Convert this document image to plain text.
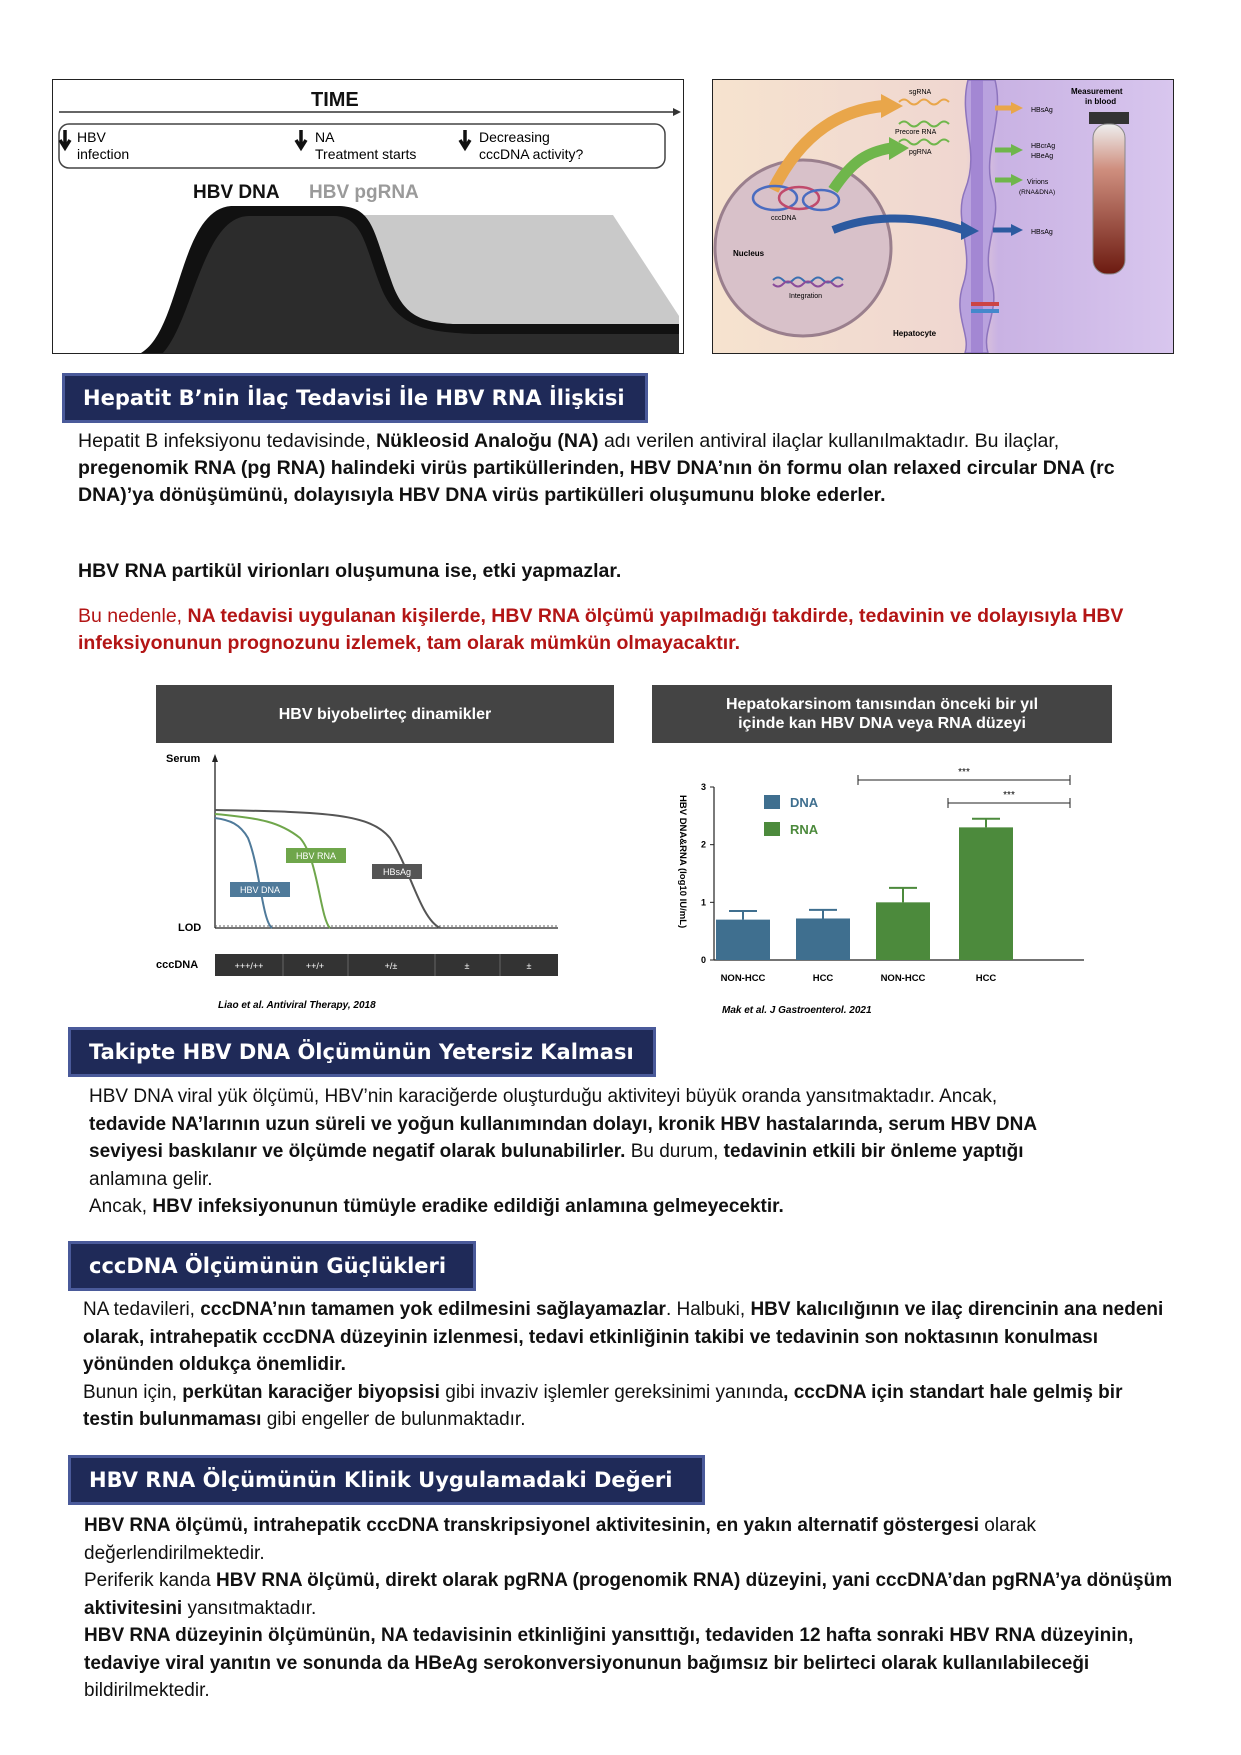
TIME
HBV
infection
NA
Treatment starts
Decreasing
cccDNA activity?
HBV DNA HBV pgRNA
sgRNA
Precore RNA
pgRNA
cccDNA
Nucleus
Integration
Hepatocyte
HBsAg
HBcrAg
HBeAg
Virions
(RNA&DNA)
HBsAg
Measurement
in blood
Hepatit B’nin İlaç Tedavisi İle HBV RNA İlişkisi

Hepatit B infeksiyonu tedavisinde, Nükleosid Analoğu (NA) adı verilen antiviral ilaçlar kullanılmaktadır. Bu ilaçlar, pregenomik RNA (pg RNA) halindeki virüs partiküllerinden, HBV DNA’nın ön formu olan relaxed circular DNA (rc DNA)’ya dönüşümünü, dolayısıyla HBV DNA virüs partikülleri oluşumunu bloke ederler.

HBV RNA partikül virionları oluşumuna ise, etki yapmazlar.

Bu nedenle, NA tedavisi uygulanan kişilerde, HBV RNA ölçümü yapılmadığı takdirde, tedavinin ve dolayısıyla HBV infeksiyonunun prognozunu izlemek, tam olarak mümkün olmayacaktır.

HBV biyobelirteç dinamikler
Serum
LOD
HBV DNA
HBV RNA
HBsAg
cccDNA	+++/++	++/+	+/±	±	±
Liao et al. Antiviral Therapy, 2018
Hepatokarsinom tanısından önceki bir yıl
içinde kan HBV DNA veya RNA düzeyi
HBV DNA&RNA (log10 IU/mL)
0
1
2
3
NON-HCC	HCC	NON-HCC	HCC
DNA
RNA
***
***
Mak et al. J Gastroenterol. 2021
Takipte HBV DNA Ölçümünün Yetersiz Kalması
HBV DNA viral yük ölçümü, HBV’nin karaciğerde oluşturduğu aktiviteyi büyük oranda yansıtmaktadır. Ancak, tedavide NA’larının uzun süreli ve yoğun kullanımından dolayı, kronik HBV hastalarında, serum HBV DNA seviyesi baskılanır ve ölçümde negatif olarak bulunabilirler. Bu durum, tedavinin etkili bir önleme yaptığı anlamına gelir.
Ancak, HBV infeksiyonunun tümüyle eradike edildiği anlamına gelmeyecektir.
cccDNA Ölçümünün Güçlükleri
NA tedavileri, cccDNA’nın tamamen yok edilmesini sağlayamazlar. Halbuki, HBV kalıcılığının ve ilaç direncinin ana nedeni olarak, intrahepatik cccDNA düzeyinin izlenmesi, tedavi etkinliğinin takibi ve tedavinin son noktasının konulması yönünden oldukça önemlidir.
Bunun için, perkütan karaciğer biyopsisi gibi invaziv işlemler gereksinimi yanında, cccDNA için standart hale gelmiş bir testin bulunmaması gibi engeller de bulunmaktadır.
HBV RNA Ölçümünün Klinik Uygulamadaki Değeri
HBV RNA ölçümü, intrahepatik cccDNA transkripsiyonel aktivitesinin, en yakın alternatif göstergesi olarak değerlendirilmektedir.
Periferik kanda HBV RNA ölçümü, direkt olarak pgRNA (progenomik RNA) düzeyini, yani cccDNA’dan pgRNA’ya dönüşüm aktivitesini yansıtmaktadır.
HBV RNA düzeyinin ölçümünün, NA tedavisinin etkinliğini yansıttığı, tedaviden 12 hafta sonraki HBV RNA düzeyinin, tedaviye viral yanıtın ve sonunda da HBeAg serokonversiyonunun bağımsız bir belirteci olarak kullanılabileceği bildirilmektedir.
